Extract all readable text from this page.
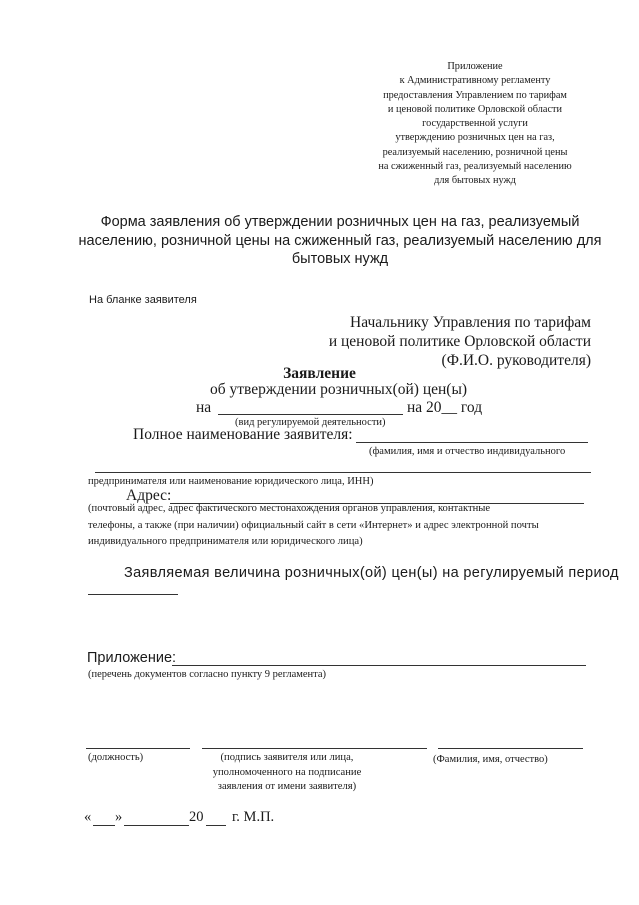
Приложение
к Административному регламенту
предоставления Управлением по тарифам
и ценовой политике Орловской области
государственной услуги
утверждению розничных цен на газ,
реализуемый населению, розничной цены
на сжиженный газ, реализуемый населению
для бытовых нужд
Форма заявления об утверждении розничных цен на газ, реализуемый
населению, розничной цены на сжиженный газ, реализуемый населению для
бытовых нужд
На бланке заявителя
Начальнику Управления по тарифам
и ценовой политике Орловской области
(Ф.И.О. руководителя)
Заявление
об утверждении розничных(ой) цен(ы)
на	на 20__ год
(вид регулируемой деятельности)
Полное наименование заявителя:
(фамилия, имя и отчество индивидуального
предпринимателя или наименование юридического лица, ИНН)
Адрес:
(почтовый адрес, адрес фактического местонахождения органов управления, контактные
телефоны, а также (при наличии) официальный сайт в сети «Интернет» и адрес электронной почты
индивидуального предпринимателя или юридического лица)
Заявляемая величина розничных(ой) цен(ы) на регулируемый период
Приложение:
(перечень документов согласно пункту 9 регламента)
(должность)	(подпись заявителя или лица,
уполномоченного на подписание
заявления от имени заявителя)
(Фамилия, имя, отчество)
« »	20 г. М.П.
